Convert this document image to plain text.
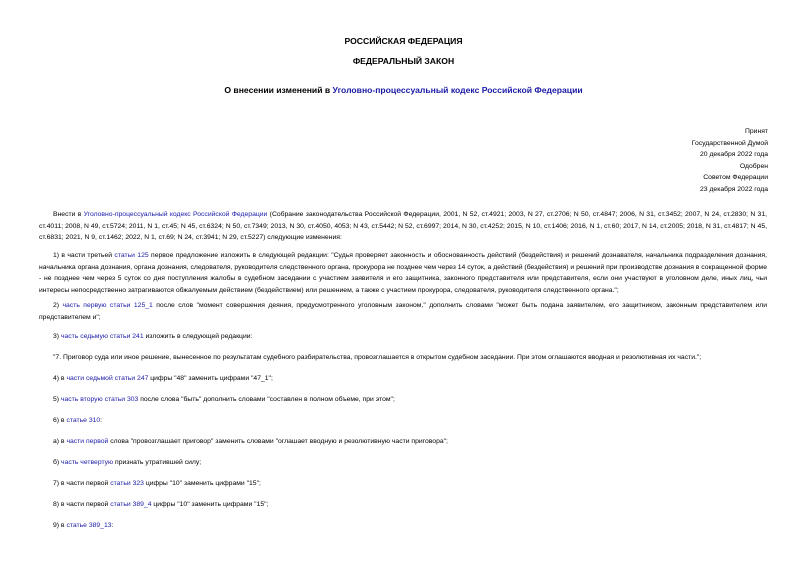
РОССИЙСКАЯ ФЕДЕРАЦИЯ
ФЕДЕРАЛЬНЫЙ ЗАКОН
О внесении изменений в Уголовно-процессуальный кодекс Российской Федерации
Принят
Государственной Думой
20 декабря 2022 года
Одобрен
Советом Федерации
23 декабря 2022 года
Внести в Уголовно-процессуальный кодекс Российской Федерации (Собрание законодательства Российской Федерации, 2001, N 52, ст.4921; 2003, N 27, ст.2706; N 50, ст.4847; 2006, N 31, ст.3452; 2007, N 24, ст.2830; N 31, ст.4011; 2008, N 49, ст.5724; 2011, N 1, ст.45; N 45, ст.6324; N 50, ст.7349; 2013, N 30, ст.4050, 4053; N 43, ст.5442; N 52, ст.6997; 2014, N 30, ст.4252; 2015, N 10, ст.1406; 2016, N 1, ст.60; 2017, N 14, ст.2005; 2018, N 31, ст.4817; N 45, ст.6831; 2021, N 9, ст.1462; 2022, N 1, ст.69; N 24, ст.3941; N 29, ст.5227) следующие изменения:
1) в части третьей статьи 125 первое предложение изложить в следующей редакции: "Судья проверяет законность и обоснованность действий (бездействия) и решений дознавателя, начальника подразделения дознания, начальника органа дознания, органа дознания, следователя, руководителя следственного органа, прокурора не позднее чем через 14 суток, а действий (бездействия) и решений при производстве дознания в сокращенной форме - не позднее чем через 5 суток со дня поступления жалобы в судебном заседании с участием заявителя и его защитника, законного представителя или представителя, если они участвуют в уголовном деле, иных лиц, чьи интересы непосредственно затрагиваются обжалуемым действием (бездействием) или решением, а также с участием прокурора, следователя, руководителя следственного органа.";
2) часть первую статьи 125_1 после слов "момент совершения деяния, предусмотренного уголовным законом," дополнить словами "может быть подана заявителем, его защитником, законным представителем или представителем и";
3) часть седьмую статьи 241 изложить в следующей редакции:
"7. Приговор суда или иное решение, вынесенное по результатам судебного разбирательства, провозглашается в открытом судебном заседании. При этом оглашаются вводная и резолютивная их части.";
4) в части седьмой статьи 247 цифры "48" заменить цифрами "47_1";
5) часть вторую статьи 303 после слова "быть" дополнить словами "составлен в полном объеме, при этом";
6) в статье 310:
а) в части первой слова "провозглашает приговор" заменить словами "оглашает вводную и резолютивную части приговора";
б) часть четвертую признать утратившей силу;
7) в части первой статьи 323 цифры "10" заменить цифрами "15";
8) в части первой статьи 389_4 цифры "10" заменить цифрами "15";
9) в статье 389_13:
